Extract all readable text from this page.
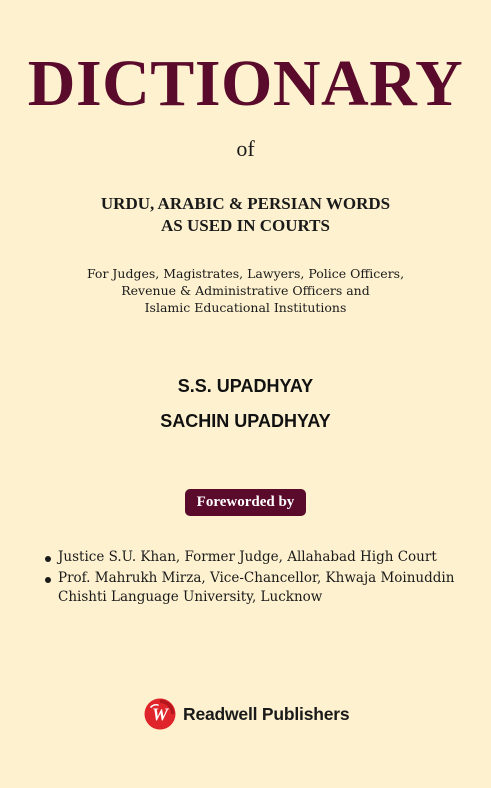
DICTIONARY
of
URDU, ARABIC & PERSIAN WORDS
AS USED IN COURTS
For Judges, Magistrates, Lawyers, Police Officers,
Revenue & Administrative Officers and
Islamic Educational Institutions
S.S. UPADHYAY
SACHIN UPADHYAY
Foreworded by
Justice S.U. Khan, Former Judge, Allahabad High Court
Prof. Mahrukh Mirza, Vice-Chancellor, Khwaja Moinuddin Chishti Language University, Lucknow
W Readwell Publishers
